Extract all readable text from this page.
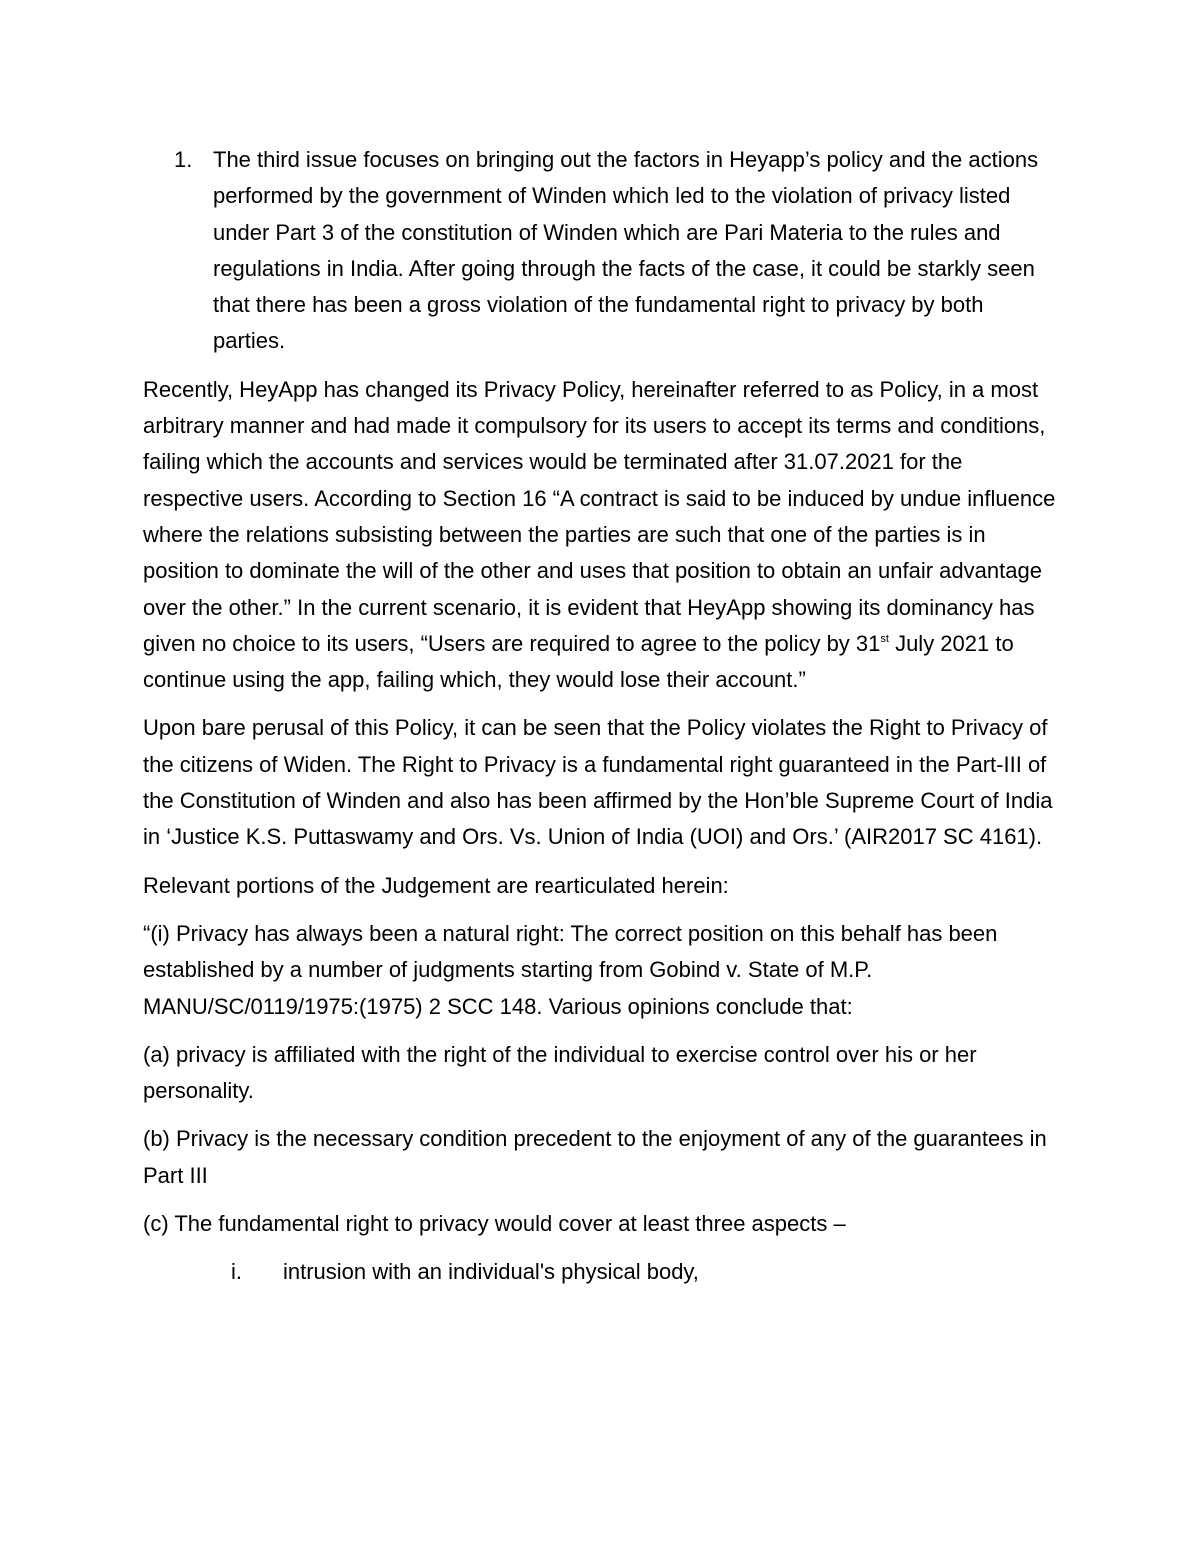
1. The third issue focuses on bringing out the factors in Heyapp’s policy and the actions performed by the government of Winden which led to the violation of privacy listed under Part 3 of the constitution of Winden which are Pari Materia to the rules and regulations in India. After going through the facts of the case, it could be starkly seen that there has been a gross violation of the fundamental right to privacy by both parties.

Recently, HeyApp has changed its Privacy Policy, hereinafter referred to as Policy, in a most arbitrary manner and had made it compulsory for its users to accept its terms and conditions, failing which the accounts and services would be terminated after 31.07.2021 for the respective users. According to Section 16 “A contract is said to be induced by undue influence where the relations subsisting between the parties are such that one of the parties is in position to dominate the will of the other and uses that position to obtain an unfair advantage over the other.” In the current scenario, it is evident that HeyApp showing its dominancy has given no choice to its users, “Users are required to agree to the policy by 31st July 2021 to continue using the app, failing which, they would lose their account.”

Upon bare perusal of this Policy, it can be seen that the Policy violates the Right to Privacy of the citizens of Widen. The Right to Privacy is a fundamental right guaranteed in the Part-III of the Constitution of Winden and also has been affirmed by the Hon’ble Supreme Court of India in ‘Justice K.S. Puttaswamy and Ors. Vs. Union of India (UOI) and Ors.’ (AIR2017 SC 4161).

Relevant portions of the Judgement are rearticulated herein:

“(i) Privacy has always been a natural right: The correct position on this behalf has been established by a number of judgments starting from Gobind v. State of M.P. MANU/SC/0119/1975:(1975) 2 SCC 148. Various opinions conclude that:

(a) privacy is affiliated with the right of the individual to exercise control over his or her personality.

(b) Privacy is the necessary condition precedent to the enjoyment of any of the guarantees in Part III

(c) The fundamental right to privacy would cover at least three aspects –

i. intrusion with an individual's physical body,
